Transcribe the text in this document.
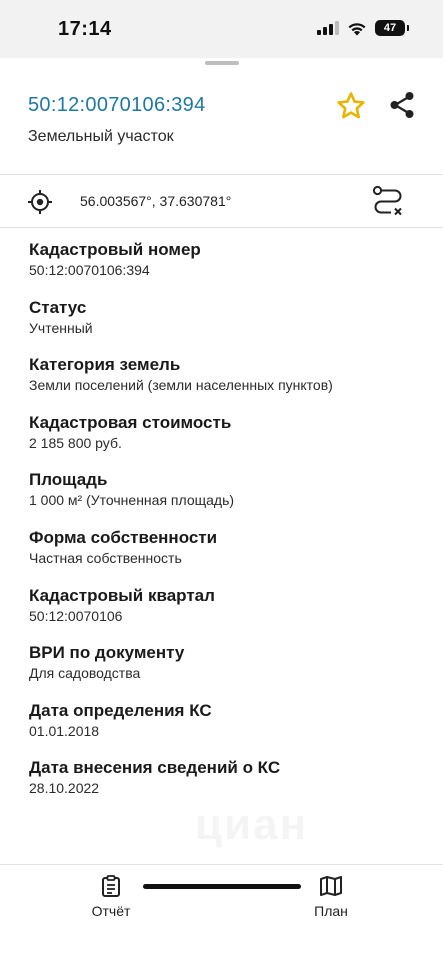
17:14	47
50:12:0070106:394
Земельный участок
56.003567°, 37.630781°
Кадастровый номер
50:12:0070106:394
Статус
Учтенный
Категория земель
Земли поселений (земли населенных пунктов)
Кадастровая стоимость
2 185 800 руб.
Площадь
1 000 м² (Уточненная площадь)
Форма собственности
Частная собственность
Кадастровый квартал
50:12:0070106
ВРИ по документу
Для садоводства
Дата определения КС
01.01.2018
Дата внесения сведений о КС
28.10.2022
Отчёт	План
